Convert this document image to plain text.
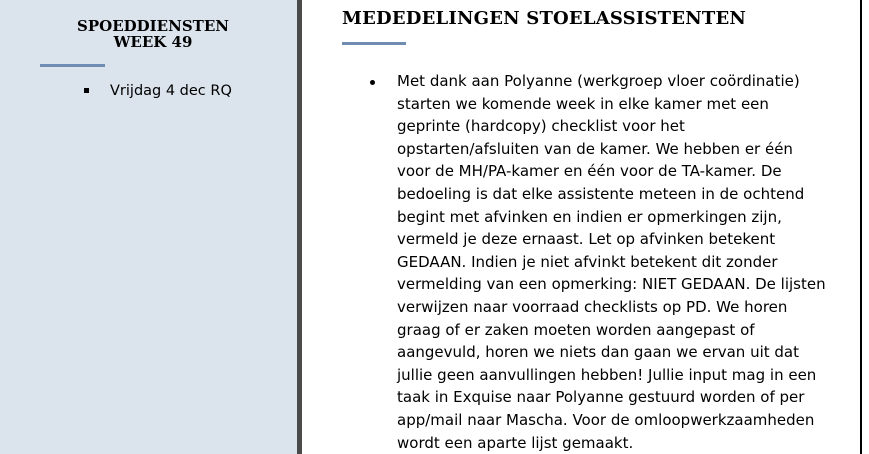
SPOEDDIENSTEN
WEEK 49
Vrijdag 4 dec RQ
MEDEDELINGEN STOELASSISTENTEN
Met dank aan Polyanne (werkgroep vloer coördinatie) starten we komende week in elke kamer met een geprinte (hardcopy) checklist voor het opstarten/afsluiten van de kamer. We hebben er één voor de MH/PA-kamer en één voor de TA-kamer. De bedoeling is dat elke assistente meteen in de ochtend begint met afvinken en indien er opmerkingen zijn, vermeld je deze ernaast. Let op afvinken betekent GEDAAN. Indien je niet afvinkt betekent dit zonder vermelding van een opmerking: NIET GEDAAN. De lijsten verwijzen naar voorraad checklists op PD. We horen graag of er zaken moeten worden aangepast of aangevuld, horen we niets dan gaan we ervan uit dat jullie geen aanvullingen hebben! Jullie input mag in een taak in Exquise naar Polyanne gestuurd worden of per app/mail naar Mascha. Voor de omloopwerkzaamheden wordt een aparte lijst gemaakt.
